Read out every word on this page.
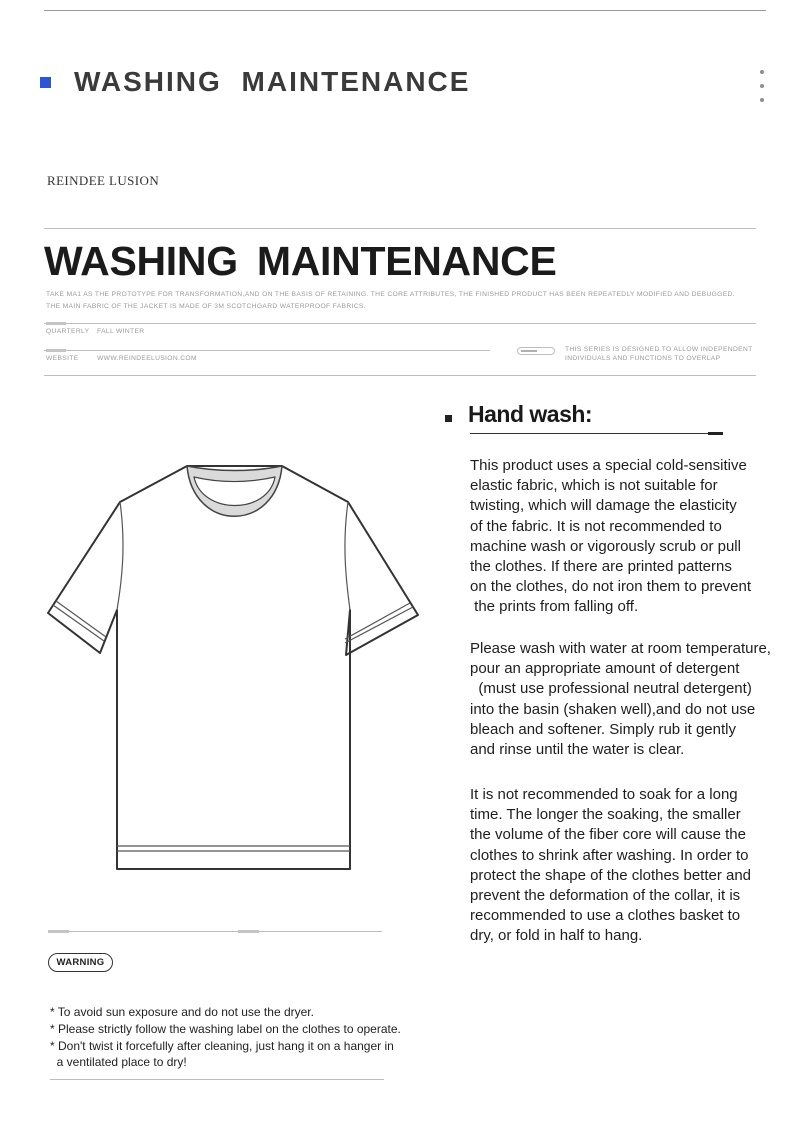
WASHING MAINTENANCE
REINDEE LUSION
WASHING MAINTENANCE
TAKE MA1 AS THE PROTOTYPE FOR TRANSFORMATION,AND ON THE BASIS OF RETAINING. THE CORE ATTRIBUTES, THE FINISHED PRODUCT HAS BEEN REPEATEDLY MODIFIED AND DEBUGGED.
THE MAIN FABRIC OF THE JACKET IS MADE OF 3M SCOTCHGARD WATERPROOF FABRICS.
QUARTERLY FALL WINTER
WEBSITE	WWW.REINDEELUSION.COM
THIS SERIES IS DESIGNED TO ALLOW INDEPENDENT
INDIVIDUALS AND FUNCTIONS TO OVERLAP
Hand wash:
This product uses a special cold-sensitive
elastic fabric, which is not suitable for
twisting, which will damage the elasticity
of the fabric. It is not recommended to
machine wash or vigorously scrub or pull
the clothes. If there are printed patterns
on the clothes, do not iron them to prevent
the prints from falling off.
Please wash with water at room temperature,
pour an appropriate amount of detergent
(must use professional neutral detergent)
into the basin (shaken well),and do not use
bleach and softener. Simply rub it gently
and rinse until the water is clear.
It is not recommended to soak for a long
time. The longer the soaking, the smaller
the volume of the fiber core will cause the
clothes to shrink after washing. In order to
protect the shape of the clothes better and
prevent the deformation of the collar, it is
recommended to use a clothes basket to
dry, or fold in half to hang.
WARNING
* To avoid sun exposure and do not use the dryer.
* Please strictly follow the washing label on the clothes to operate.
* Don't twist it forcefully after cleaning, just hang it on a hanger in
a ventilated place to dry!
